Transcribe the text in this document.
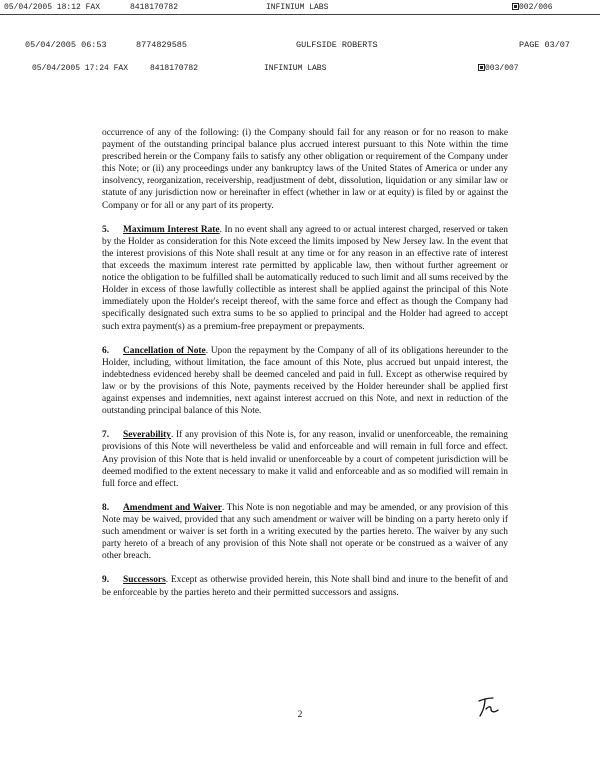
05/04/2005 18:12 FAX	8418170782	INFINIUM LABS	002/006
05/04/2005 06:53	8774829585	GULFSIDE ROBERTS	PAGE 03/07
05/04/2005 17:24 FAX	8418170782	INFINIUM LABS	003/007

occurrence of any of the following: (i) the Company should fail for any reason or for no reason to make payment of the outstanding principal balance plus accrued interest pursuant to this Note within the time prescribed herein or the Company fails to satisfy any other obligation or requirement of the Company under this Note; or (ii) any proceedings under any bankruptcy laws of the United States of America or under any insolvency, reorganization, receivership, readjustment of debt, dissolution, liquidation or any similar law or statute of any jurisdiction now or hereinafter in effect (whether in law or at equity) is filed by or against the Company or for all or any part of its property.

5. Maximum Interest Rate. In no event shall any agreed to or actual interest charged, reserved or taken by the Holder as consideration for this Note exceed the limits imposed by New Jersey law. In the event that the interest provisions of this Note shall result at any time or for any reason in an effective rate of interest that exceeds the maximum interest rate permitted by applicable law, then without further agreement or notice the obligation to be fulfilled shall be automatically reduced to such limit and all sums received by the Holder in excess of those lawfully collectible as interest shall be applied against the principal of this Note immediately upon the Holder's receipt thereof, with the same force and effect as though the Company had specifically designated such extra sums to be so applied to principal and the Holder had agreed to accept such extra payment(s) as a premium-free prepayment or prepayments.

6. Cancellation of Note. Upon the repayment by the Company of all of its obligations hereunder to the Holder, including, without limitation, the face amount of this Note, plus accrued but unpaid interest, the indebtedness evidenced hereby shall be deemed canceled and paid in full. Except as otherwise required by law or by the provisions of this Note, payments received by the Holder hereunder shall be applied first against expenses and indemnities, next against interest accrued on this Note, and next in reduction of the outstanding principal balance of this Note.

7. Severability. If any provision of this Note is, for any reason, invalid or unenforceable, the remaining provisions of this Note will nevertheless be valid and enforceable and will remain in full force and effect. Any provision of this Note that is held invalid or unenforceable by a court of competent jurisdiction will be deemed modified to the extent necessary to make it valid and enforceable and as so modified will remain in full force and effect.

8. Amendment and Waiver. This Note is non negotiable and may be amended, or any provision of this Note may be waived, provided that any such amendment or waiver will be binding on a party hereto only if such amendment or waiver is set forth in a writing executed by the parties hereto. The waiver by any such party hereto of a breach of any provision of this Note shall not operate or be construed as a waiver of any other breach.

9. Successors. Except as otherwise provided herein, this Note shall bind and inure to the benefit of and be enforceable by the parties hereto and their permitted successors and assigns.

2
